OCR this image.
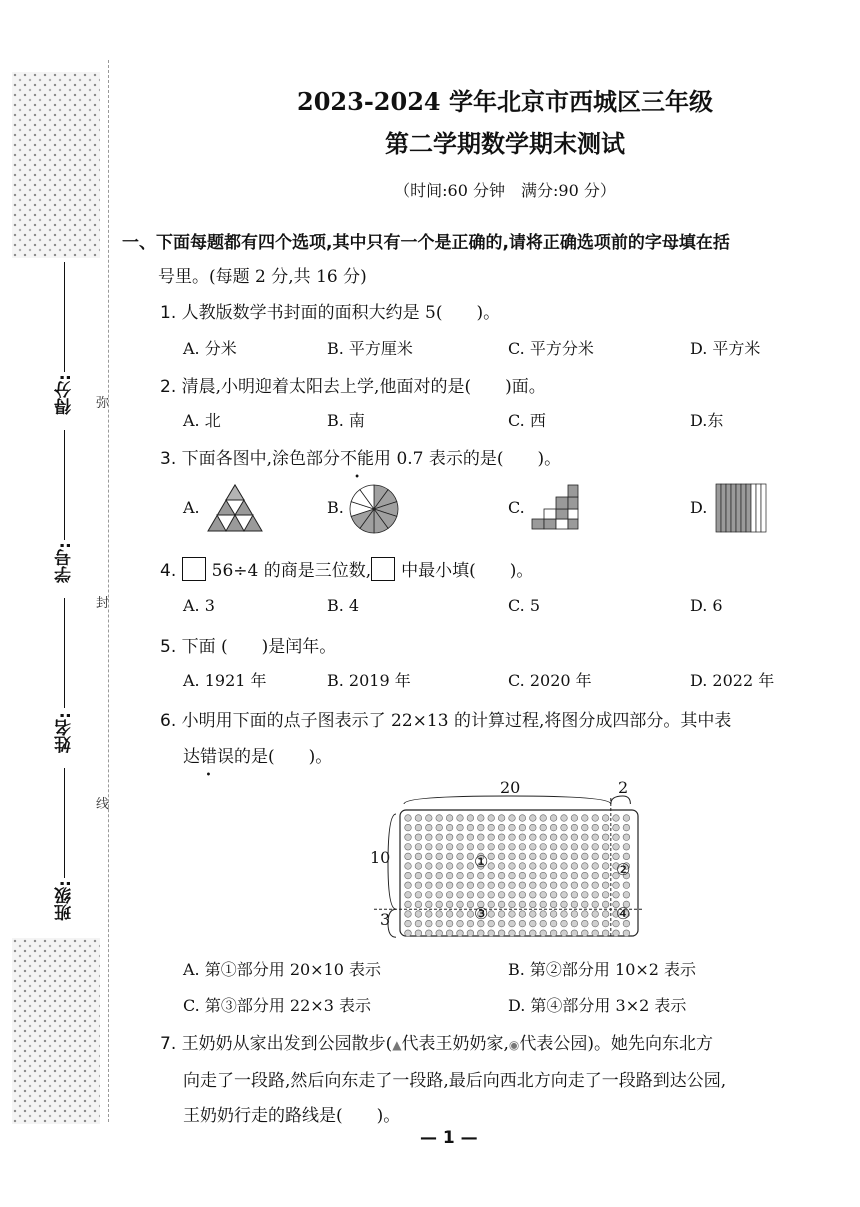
得分:
学号:
姓名:
班级:
弥
封
线
2023-2024 学年北京市西城区三年级
第二学期数学期末测试
（时间:60 分钟　满分:90 分）
一、下面每题都有四个选项,其中只有一个是正确的,请将正确选项前的字母填在括
号里。(每题 2 分,共 16 分)
1. 人教版数学书封面的面积大约是 5(　　)。
A. 分米	B. 平方厘米	C. 平方分米	D. 平方米
2. 清晨,小明迎着太阳去上学,他面对的是(　　)面。
A. 北	B. 南	C. 西	D.东
3. 下面各图中,涂色部分不能用 0.7 表示的是(　　)。
A.	B.	C.	D.
4. 56÷4 的商是三位数, 中最小填(　　)。
A. 3	B. 4	C. 5	D. 6
5. 下面 (　　)是闰年。
A. 1921 年	B. 2019 年	C. 2020 年	D. 2022 年
6. 小明用下面的点子图表示了 22×13 的计算过程,将图分成四部分。其中表
达错误的是(　　)。
20	2
10
3
①	②
③	④
A. 第①部分用 20×10 表示	B. 第②部分用 10×2 表示
C. 第③部分用 22×3 表示	D. 第④部分用 3×2 表示
7. 王奶奶从家出发到公园散步(▲代表王奶奶家,◉代表公园)。她先向东北方
向走了一段路,然后向东走了一段路,最后向西北方向走了一段路到达公园,
王奶奶行走的路线是(　　)。
— 1 —
